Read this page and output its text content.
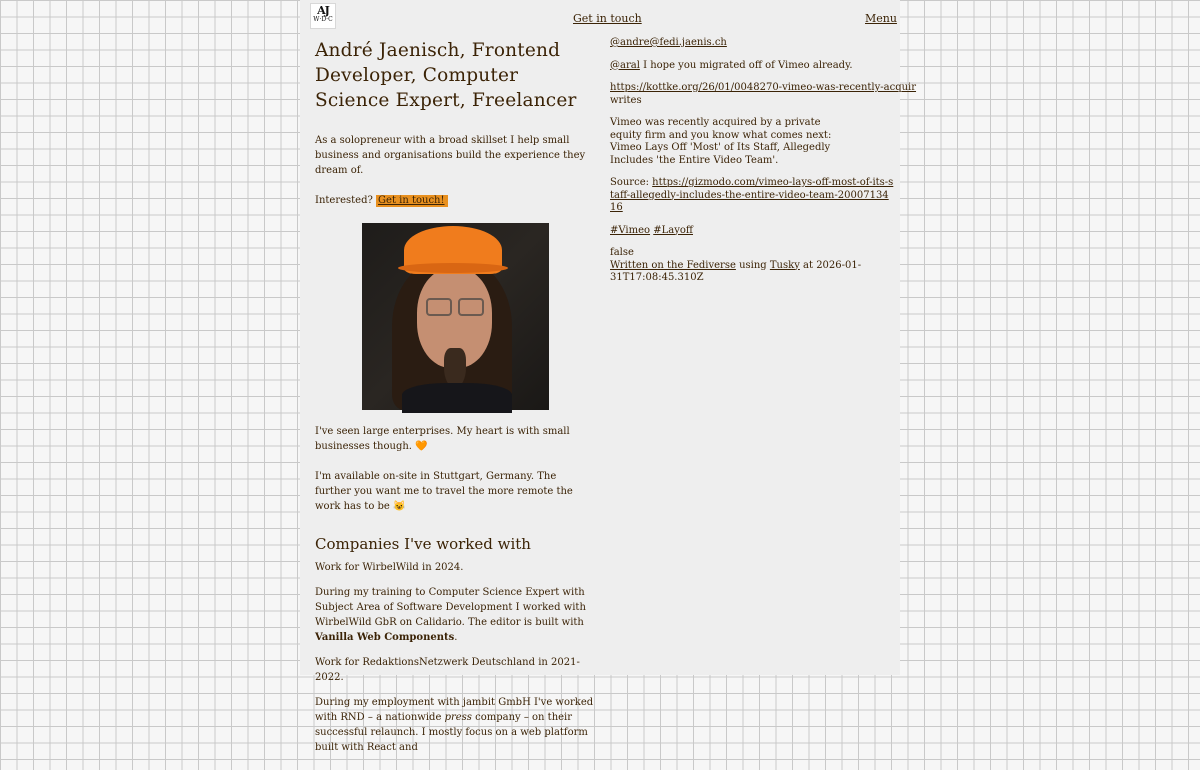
AJ
W·D·C	Get in touch	Menu
André Jaenisch, Frontend Developer, Computer Science Expert, Freelancer

As a solopreneur with a broad skillset I help small business and organisations build the experience they dream of.

Interested? Get in touch!

I've seen large enterprises. My heart is with small businesses though. 🧡

I'm available on-site in Stuttgart, Germany. The further you want me to travel the more remote the work has to be 😺

Companies I've worked with

Work for WirbelWild in 2024.

During my training to Computer Science Expert with Subject Area of Software Development I worked with WirbelWild GbR on Calidario. The editor is built with Vanilla Web Components.

Work for RedaktionsNetzwerk Deutschland in 2021-2022.

During my employment with jambit GmbH I've worked with RND – a nationwide press company – on their successful relaunch. I mostly focus on a web platform built with React and

@andre@fedi.jaenis.ch

@aral I hope you migrated off of Vimeo already.

https://kottke.org/26/01/0048270-vimeo-was-recently-acquir
writes

Vimeo was recently acquired by a private equity firm and you know what comes next: Vimeo Lays Off 'Most' of Its Staff, Allegedly Includes 'the Entire Video Team'.

Source: https://gizmodo.com/vimeo-lays-off-most-of-its-staff-allegedly-includes-the-entire-video-team-2000713416

#Vimeo #Layoff

false
Written on the Fediverse using Tusky at 2026-01-31T17:08:45.310Z
